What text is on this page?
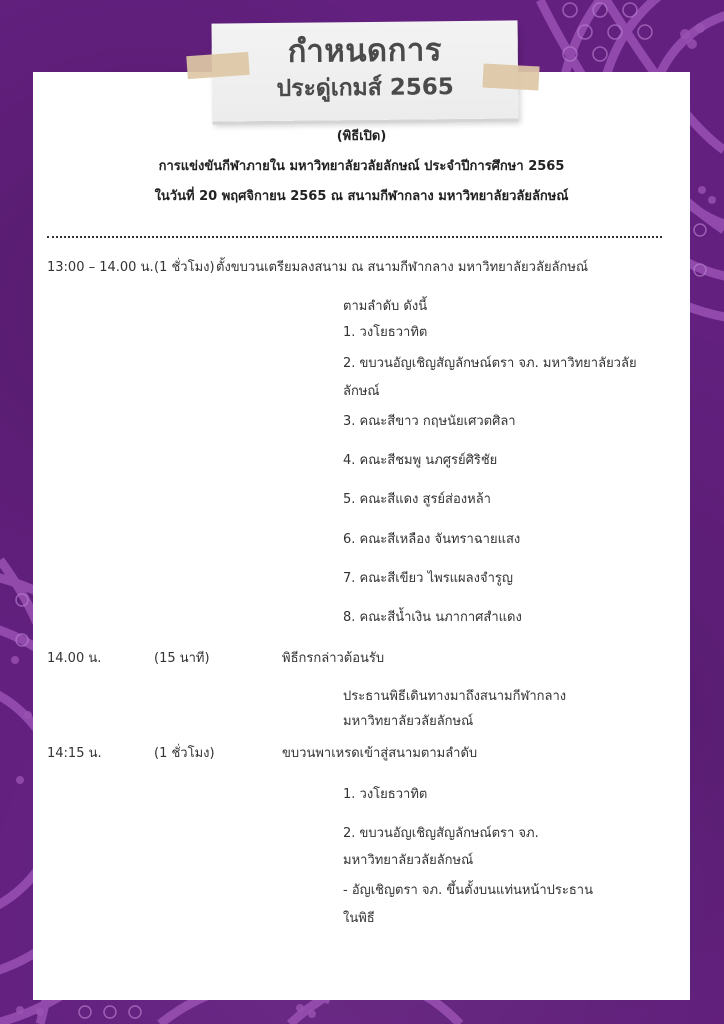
กำหนดการ
ประดู่เกมส์ 2565
(พิธีเปิด)
การแข่งขันกีฬาภายใน มหาวิทยาลัยวลัยลักษณ์ ประจำปีการศึกษา 2565
ในวันที่ 20 พฤศจิกายน 2565 ณ สนามกีฬากลาง มหาวิทยาลัยวลัยลักษณ์
13:00 – 14.00 น. (1 ชั่วโมง) ตั้งขบวนเตรียมลงสนาม ณ สนามกีฬากลาง มหาวิทยาลัยวลัยลักษณ์
ตามลำดับ ดังนี้
1. วงโยธวาทิต
2. ขบวนอัญเชิญสัญลักษณ์ตรา จภ. มหาวิทยาลัยวลัย
ลักษณ์
3. คณะสีขาว กฤษนัยเศวตศิลา
4. คณะสีชมพู นภศูรย์ศิริชัย
5. คณะสีแดง สูรย์ส่องหล้า
6. คณะสีเหลือง จันทราฉายแสง
7. คณะสีเขียว ไพรแผลงจำรูญ
8. คณะสีน้ำเงิน นภากาศสำแดง
14.00 น.	(15 นาที)	พิธีกรกล่าวต้อนรับ
ประธานพิธีเดินทางมาถึงสนามกีฬากลาง
มหาวิทยาลัยวลัยลักษณ์
14:15 น.	(1 ชั่วโมง)	ขบวนพาเหรดเข้าสู่สนามตามลำดับ
1. วงโยธวาทิต
2. ขบวนอัญเชิญสัญลักษณ์ตรา จภ.
มหาวิทยาลัยวลัยลักษณ์
- อัญเชิญตรา จภ. ขึ้นตั้งบนแท่นหน้าประธาน
ในพิธี
